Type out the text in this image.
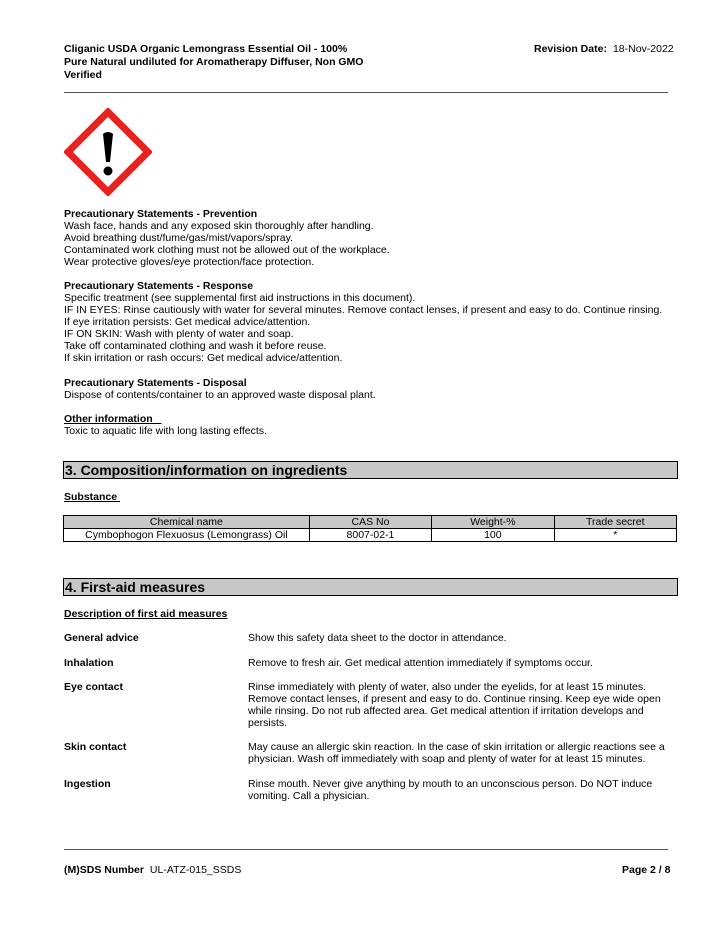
Cliganic USDA Organic Lemongrass Essential Oil - 100%
Pure Natural undiluted for Aromatherapy Diffuser, Non GMO
Verified
Revision Date: 18-Nov-2022
Precautionary Statements - Prevention
Wash face, hands and any exposed skin thoroughly after handling.
Avoid breathing dust/fume/gas/mist/vapors/spray.
Contaminated work clothing must not be allowed out of the workplace.
Wear protective gloves/eye protection/face protection.
Precautionary Statements - Response
Specific treatment (see supplemental first aid instructions in this document).
IF IN EYES: Rinse cautiously with water for several minutes. Remove contact lenses, if present and easy to do. Continue rinsing.
If eye irritation persists: Get medical advice/attention.
IF ON SKIN: Wash with plenty of water and soap.
Take off contaminated clothing and wash it before reuse.
If skin irritation or rash occurs: Get medical advice/attention.
Precautionary Statements - Disposal
Dispose of contents/container to an approved waste disposal plant.
Other information
Toxic to aquatic life with long lasting effects.
3. Composition/information on ingredients
Substance
Chemical name	CAS No	Weight-%	Trade secret
Cymbophogon Flexuosus (Lemongrass) Oil	8007-02-1	100	*
4. First-aid measures
Description of first aid measures
General advice	Show this safety data sheet to the doctor in attendance.
Inhalation	Remove to fresh air. Get medical attention immediately if symptoms occur.
Eye contact	Rinse immediately with plenty of water, also under the eyelids, for at least 15 minutes.
Remove contact lenses, if present and easy to do. Continue rinsing. Keep eye wide open
while rinsing. Do not rub affected area. Get medical attention if irritation develops and
persists.
Skin contact	May cause an allergic skin reaction. In the case of skin irritation or allergic reactions see a
physician. Wash off immediately with soap and plenty of water for at least 15 minutes.
Ingestion	Rinse mouth. Never give anything by mouth to an unconscious person. Do NOT induce
vomiting. Call a physician.
(M)SDS Number UL-ATZ-015_SSDS	Page 2 / 8
